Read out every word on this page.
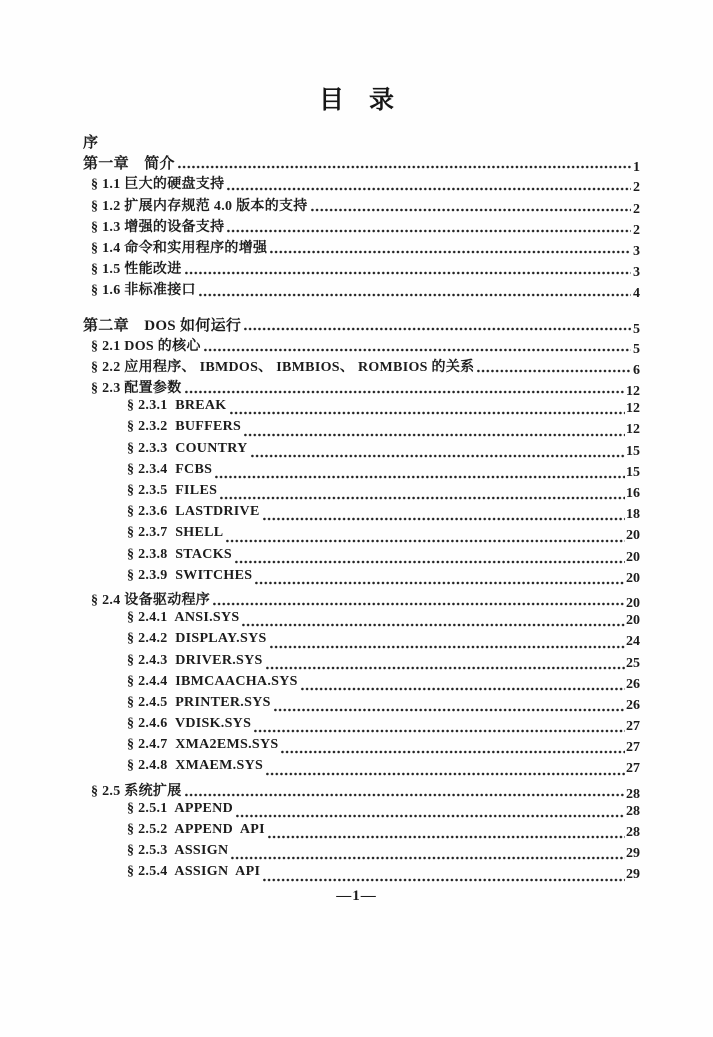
目　录
序
第一章　简介	1
§ 1.1 巨大的硬盘支持	2
§ 1.2 扩展内存规范 4.0 版本的支持	2
§ 1.3 增强的设备支持	2
§ 1.4 命令和实用程序的增强	3
§ 1.5 性能改进	3
§ 1.6 非标准接口	4
第二章　DOS 如何运行	5
§ 2.1 DOS 的核心	5
§ 2.2 应用程序、 IBMDOS、 IBMBIOS、 ROMBIOS 的关系	6
§ 2.3 配置参数	12
§ 2.3.1  BREAK	12
§ 2.3.2  BUFFERS	12
§ 2.3.3  COUNTRY	15
§ 2.3.4  FCBS	15
§ 2.3.5  FILES	16
§ 2.3.6  LASTDRIVE	18
§ 2.3.7  SHELL	20
§ 2.3.8  STACKS	20
§ 2.3.9  SWITCHES	20
§ 2.4 设备驱动程序	20
§ 2.4.1  ANSI.SYS	20
§ 2.4.2  DISPLAY.SYS	24
§ 2.4.3  DRIVER.SYS	25
§ 2.4.4  IBMCAACHA.SYS	26
§ 2.4.5  PRINTER.SYS	26
§ 2.4.6  VDISK.SYS	27
§ 2.4.7  XMA2EMS.SYS	27
§ 2.4.8  XMAEM.SYS	27
§ 2.5 系统扩展	28
§ 2.5.1  APPEND	28
§ 2.5.2  APPEND  API	28
§ 2.5.3  ASSIGN	29
§ 2.5.4  ASSIGN  API	29
—1—
